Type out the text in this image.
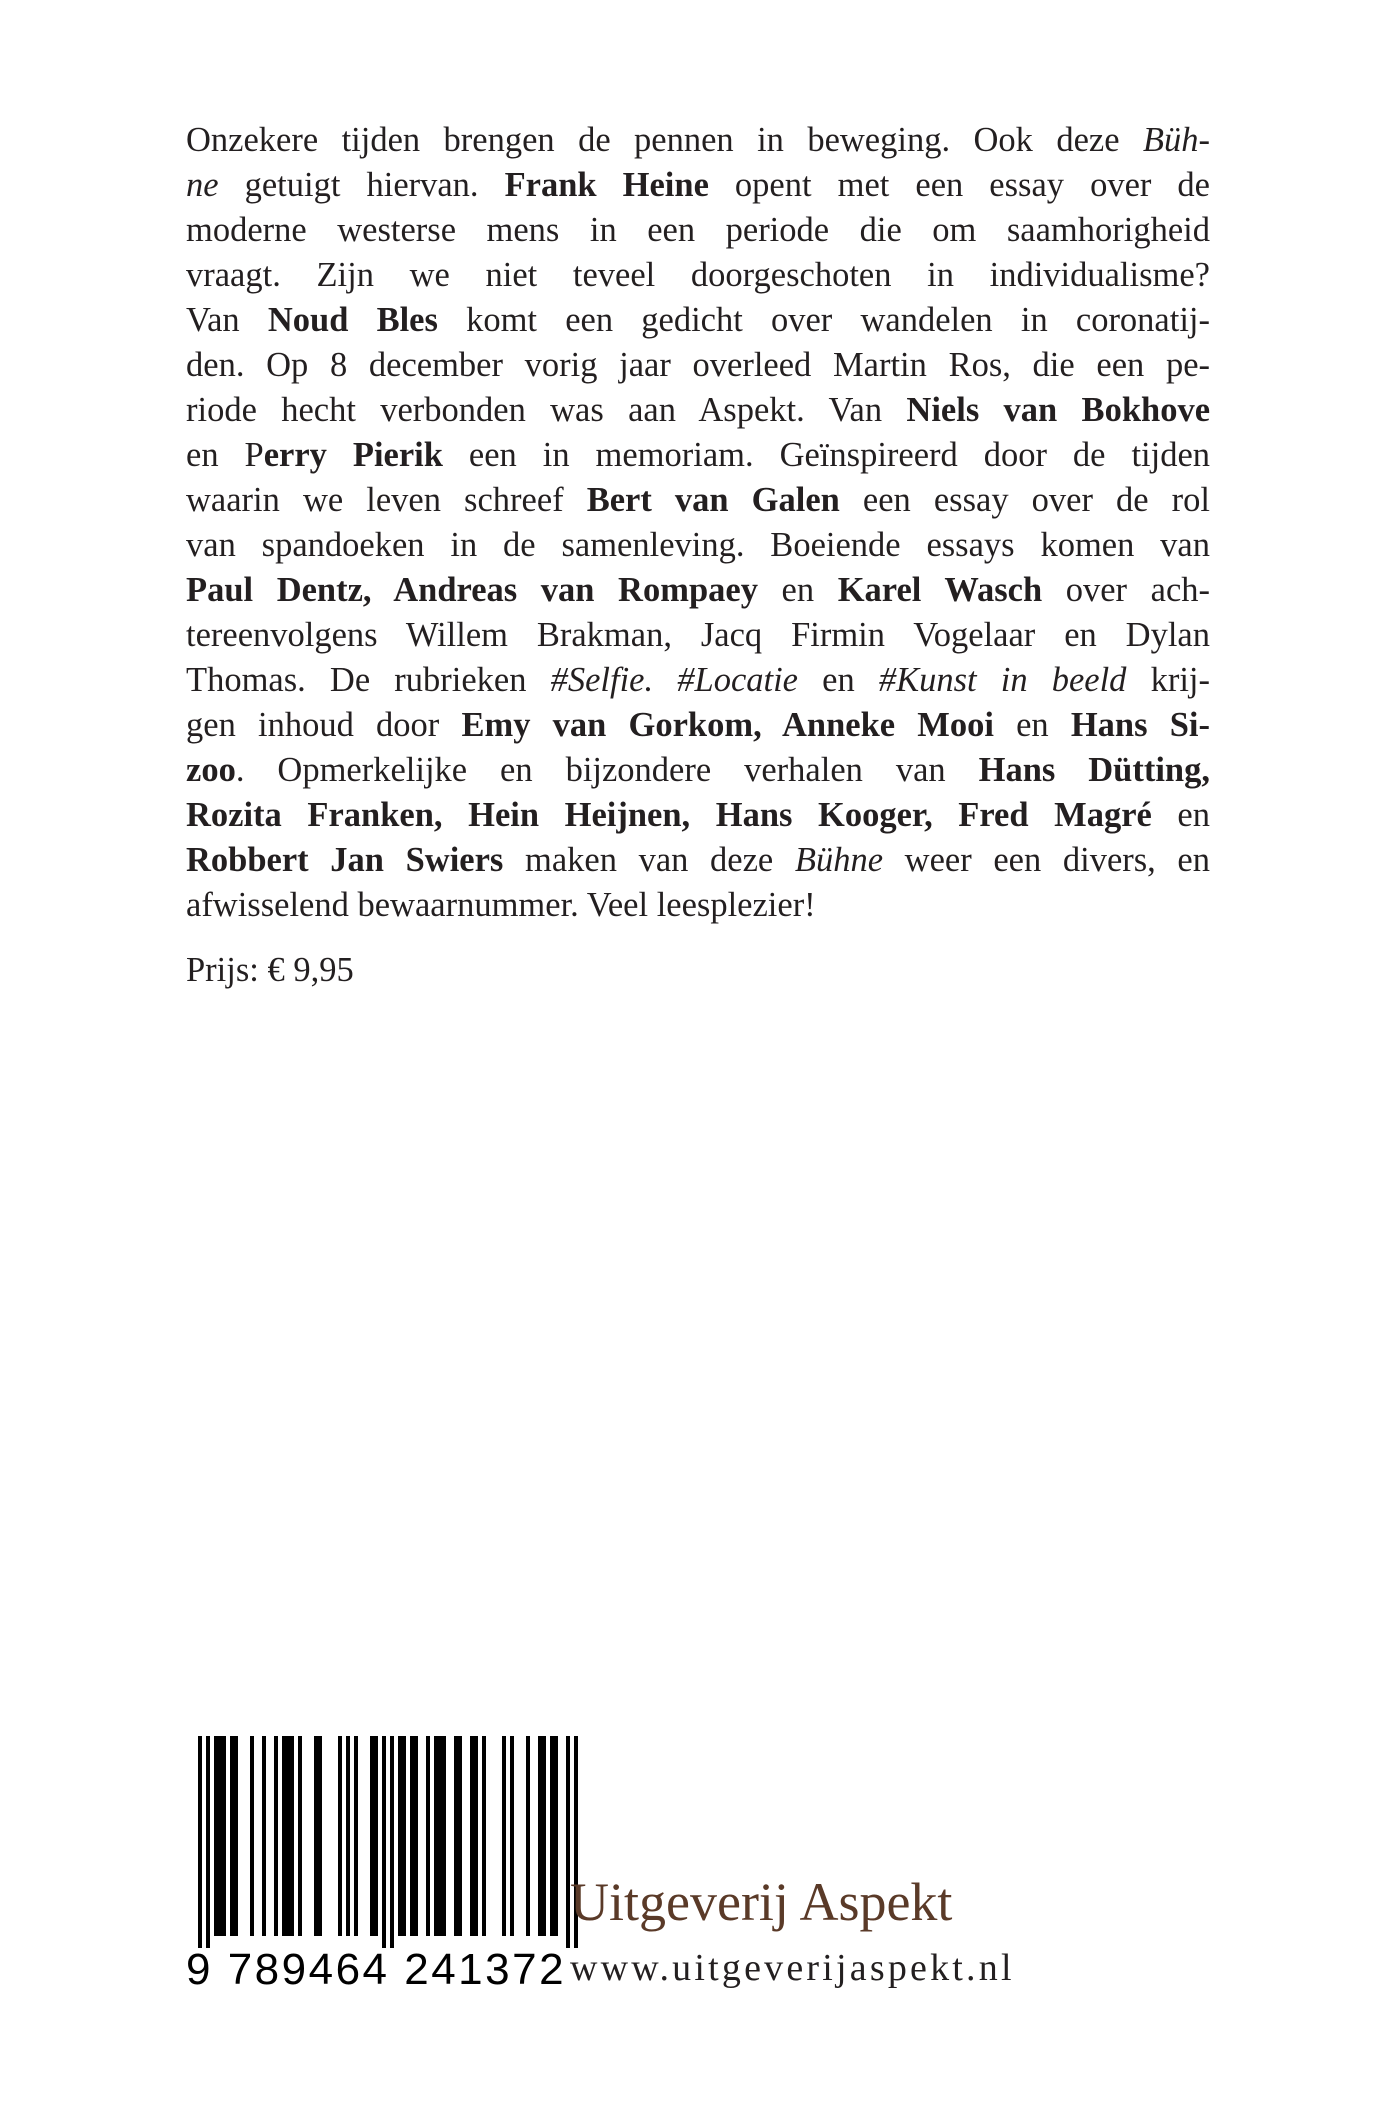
Onzekere tijden brengen de pennen in beweging. Ook deze Büh-
ne getuigt hiervan. Frank Heine opent met een essay over de
moderne westerse mens in een periode die om saamhorigheid
vraagt. Zijn we niet teveel doorgeschoten in individualisme?
Van Noud Bles komt een gedicht over wandelen in coronatij-
den. Op 8 december vorig jaar overleed Martin Ros, die een pe-
riode hecht verbonden was aan Aspekt. Van Niels van Bokhove
en Perry Pierik een in memoriam. Geïnspireerd door de tijden
waarin we leven schreef Bert van Galen een essay over de rol
van spandoeken in de samenleving. Boeiende essays komen van
Paul Dentz, Andreas van Rompaey en Karel Wasch over ach-
tereenvolgens Willem Brakman, Jacq Firmin Vogelaar en Dylan
Thomas. De rubrieken #Selfie. #Locatie en #Kunst in beeld krij-
gen inhoud door Emy van Gorkom, Anneke Mooi en Hans Si-
zoo. Opmerkelijke en bijzondere verhalen van Hans Dütting,
Rozita Franken, Hein Heijnen, Hans Kooger, Fred Magré en
Robbert Jan Swiers maken van deze Bühne weer een divers, en
afwisselend bewaarnummer. Veel leesplezier!

Prijs: € 9,95

9 789464 241372

Uitgeverij Aspekt

www.uitgeverijaspekt.nl
